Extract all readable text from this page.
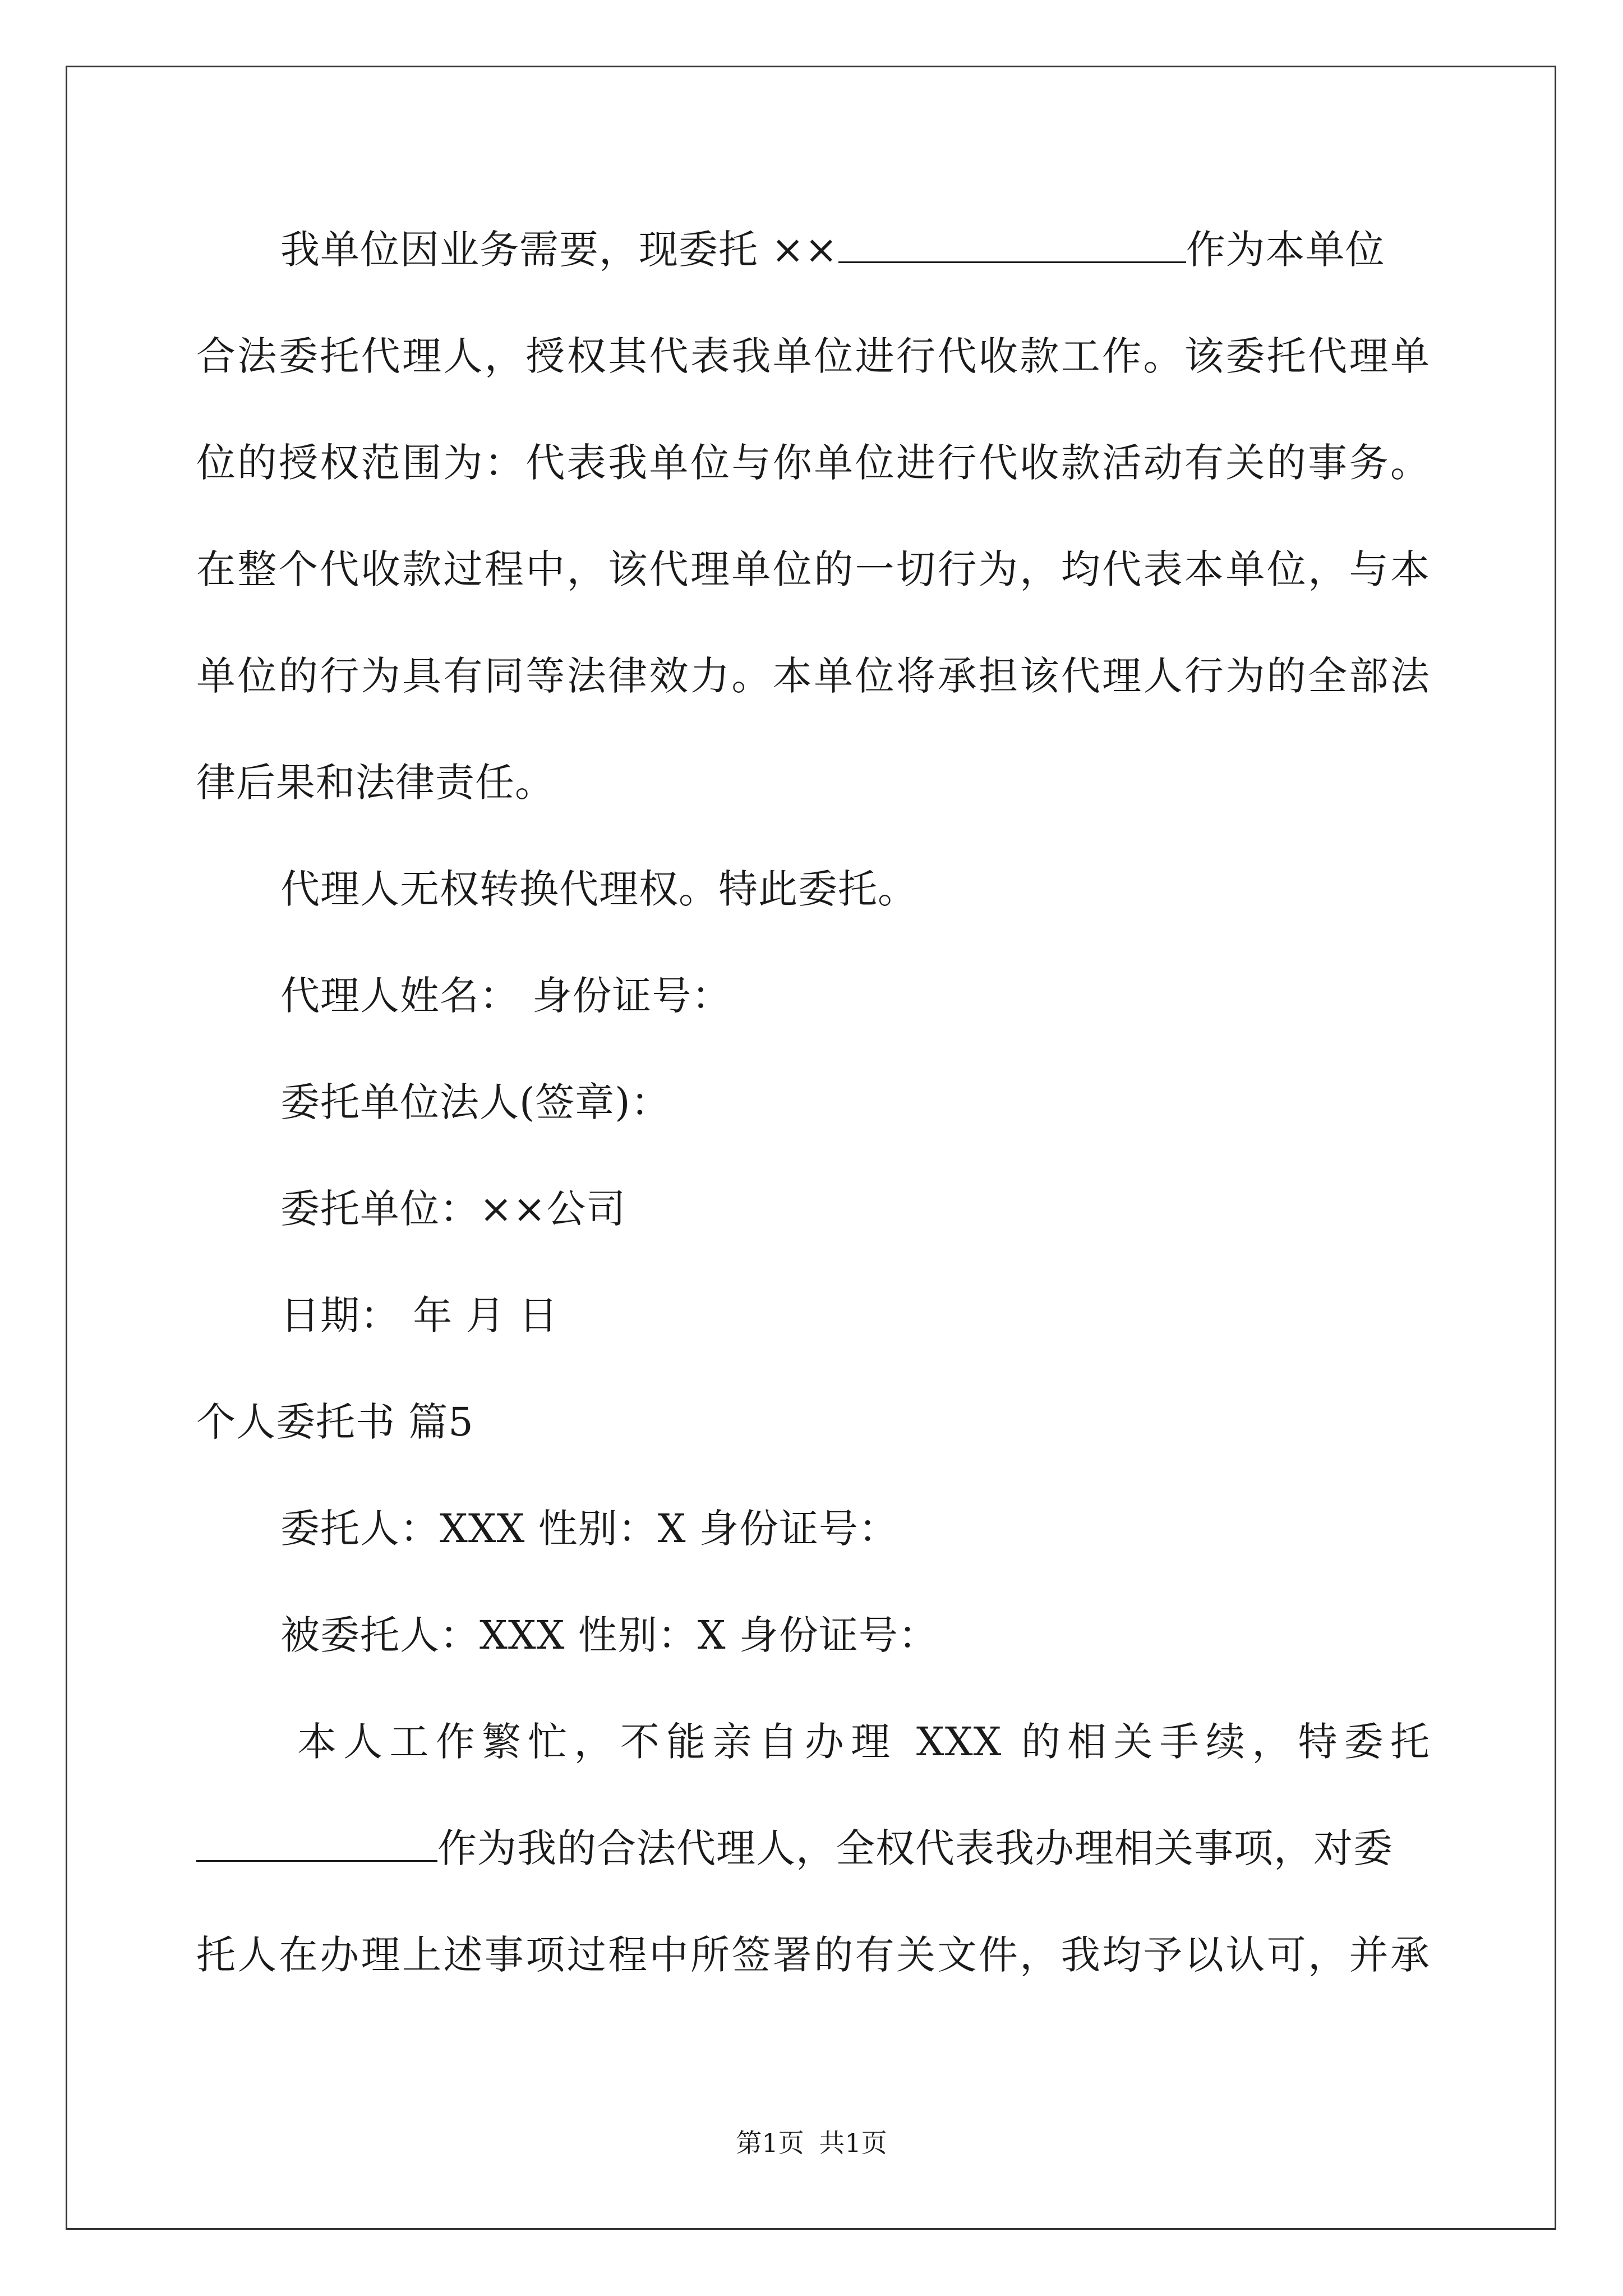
我单位因业务需要，现委托 ××	作为本单位
合法委托代理人，授权其代表我单位进行代收款工作。该委托代理单
位的授权范围为：代表我单位与你单位进行代收款活动有关的事务。
在整个代收款过程中，该代理单位的一切行为，均代表本单位，与本
单位的行为具有同等法律效力。本单位将承担该代理人行为的全部法
律后果和法律责任。
代理人无权转换代理权。特此委托。
代理人姓名： 身份证号：
委托单位法人(签章)：
委托单位：××公司
日期： 年 月 日
个人委托书 篇5
委托人：XXX 性别：X 身份证号：
被委托人：XXX 性别：X 身份证号：
本人工作繁忙，不能亲自办理 XXX 的相关手续，特委托
作为我的合法代理人，全权代表我办理相关事项，对委
托人在办理上述事项过程中所签署的有关文件，我均予以认可，并承
第1页 共1页
